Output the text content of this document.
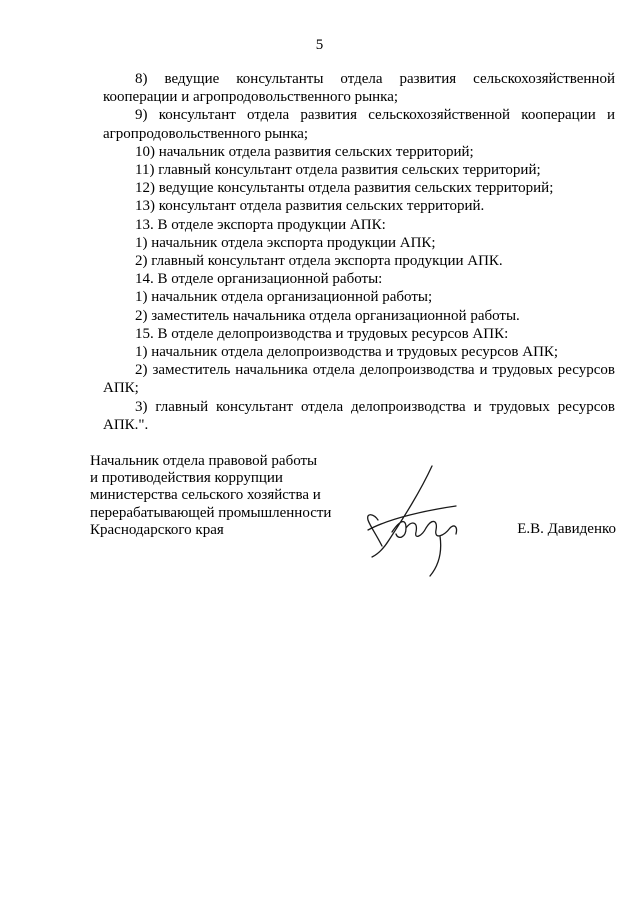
5

8) ведущие консультанты отдела развития сельскохозяйственной кооперации и агропродовольственного рынка;

9) консультант отдела развития сельскохозяйственной кооперации и агропродовольственного рынка;

10) начальник отдела развития сельских территорий;

11) главный консультант отдела развития сельских территорий;

12) ведущие консультанты отдела развития сельских территорий;

13) консультант отдела развития сельских территорий.

13. В отделе экспорта продукции АПК:

1) начальник отдела экспорта продукции АПК;

2) главный консультант отдела экспорта продукции АПК.

14. В отделе организационной работы:

1) начальник отдела организационной работы;

2) заместитель начальника отдела организационной работы.

15. В отделе делопроизводства и трудовых ресурсов АПК:

1) начальник отдела делопроизводства и трудовых ресурсов АПК;

2) заместитель начальника отдела делопроизводства и трудовых ресурсов АПК;

3) главный консультант отдела делопроизводства и трудовых ресурсов АПК.".

Начальник отдела правовой работы
и противодействия коррупции
министерства сельского хозяйства и
перерабатывающей промышленности
Краснодарского края	Е.В. Давиденко
